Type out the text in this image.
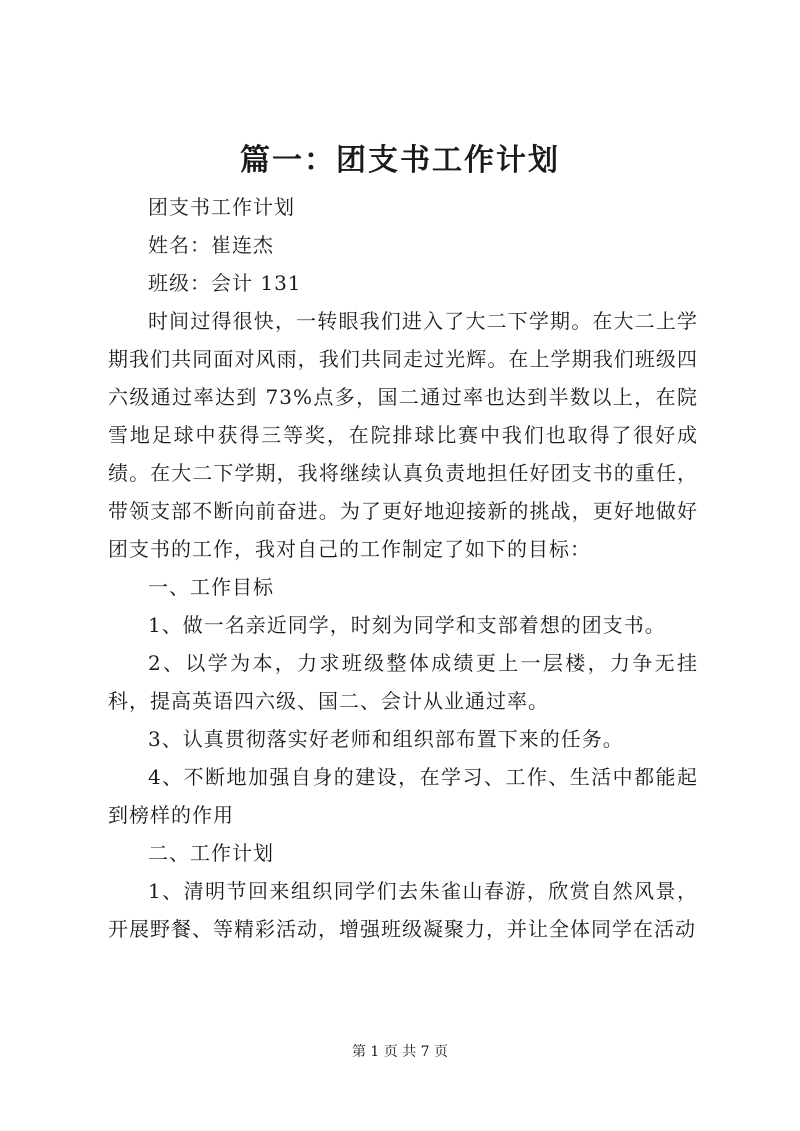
篇一：团支书工作计划

团支书工作计划

姓名：崔连杰

班级：会计 131

时间过得很快，一转眼我们进入了大二下学期。在大二上学期我们共同面对风雨，我们共同走过光辉。在上学期我们班级四六级通过率达到 73%点多，国二通过率也达到半数以上，在院雪地足球中获得三等奖，在院排球比赛中我们也取得了很好成绩。在大二下学期，我将继续认真负责地担任好团支书的重任，带领支部不断向前奋进。为了更好地迎接新的挑战，更好地做好团支书的工作，我对自己的工作制定了如下的目标：

一、工作目标

1、做一名亲近同学，时刻为同学和支部着想的团支书。

2、以学为本，力求班级整体成绩更上一层楼，力争无挂科，提高英语四六级、国二、会计从业通过率。

3、认真贯彻落实好老师和组织部布置下来的任务。

4、不断地加强自身的建设，在学习、工作、生活中都能起到榜样的作用

二、工作计划

1、清明节回来组织同学们去朱雀山春游，欣赏自然风景，开展野餐、等精彩活动，增强班级凝聚力，并让全体同学在活动

第 1 页 共 7 页
